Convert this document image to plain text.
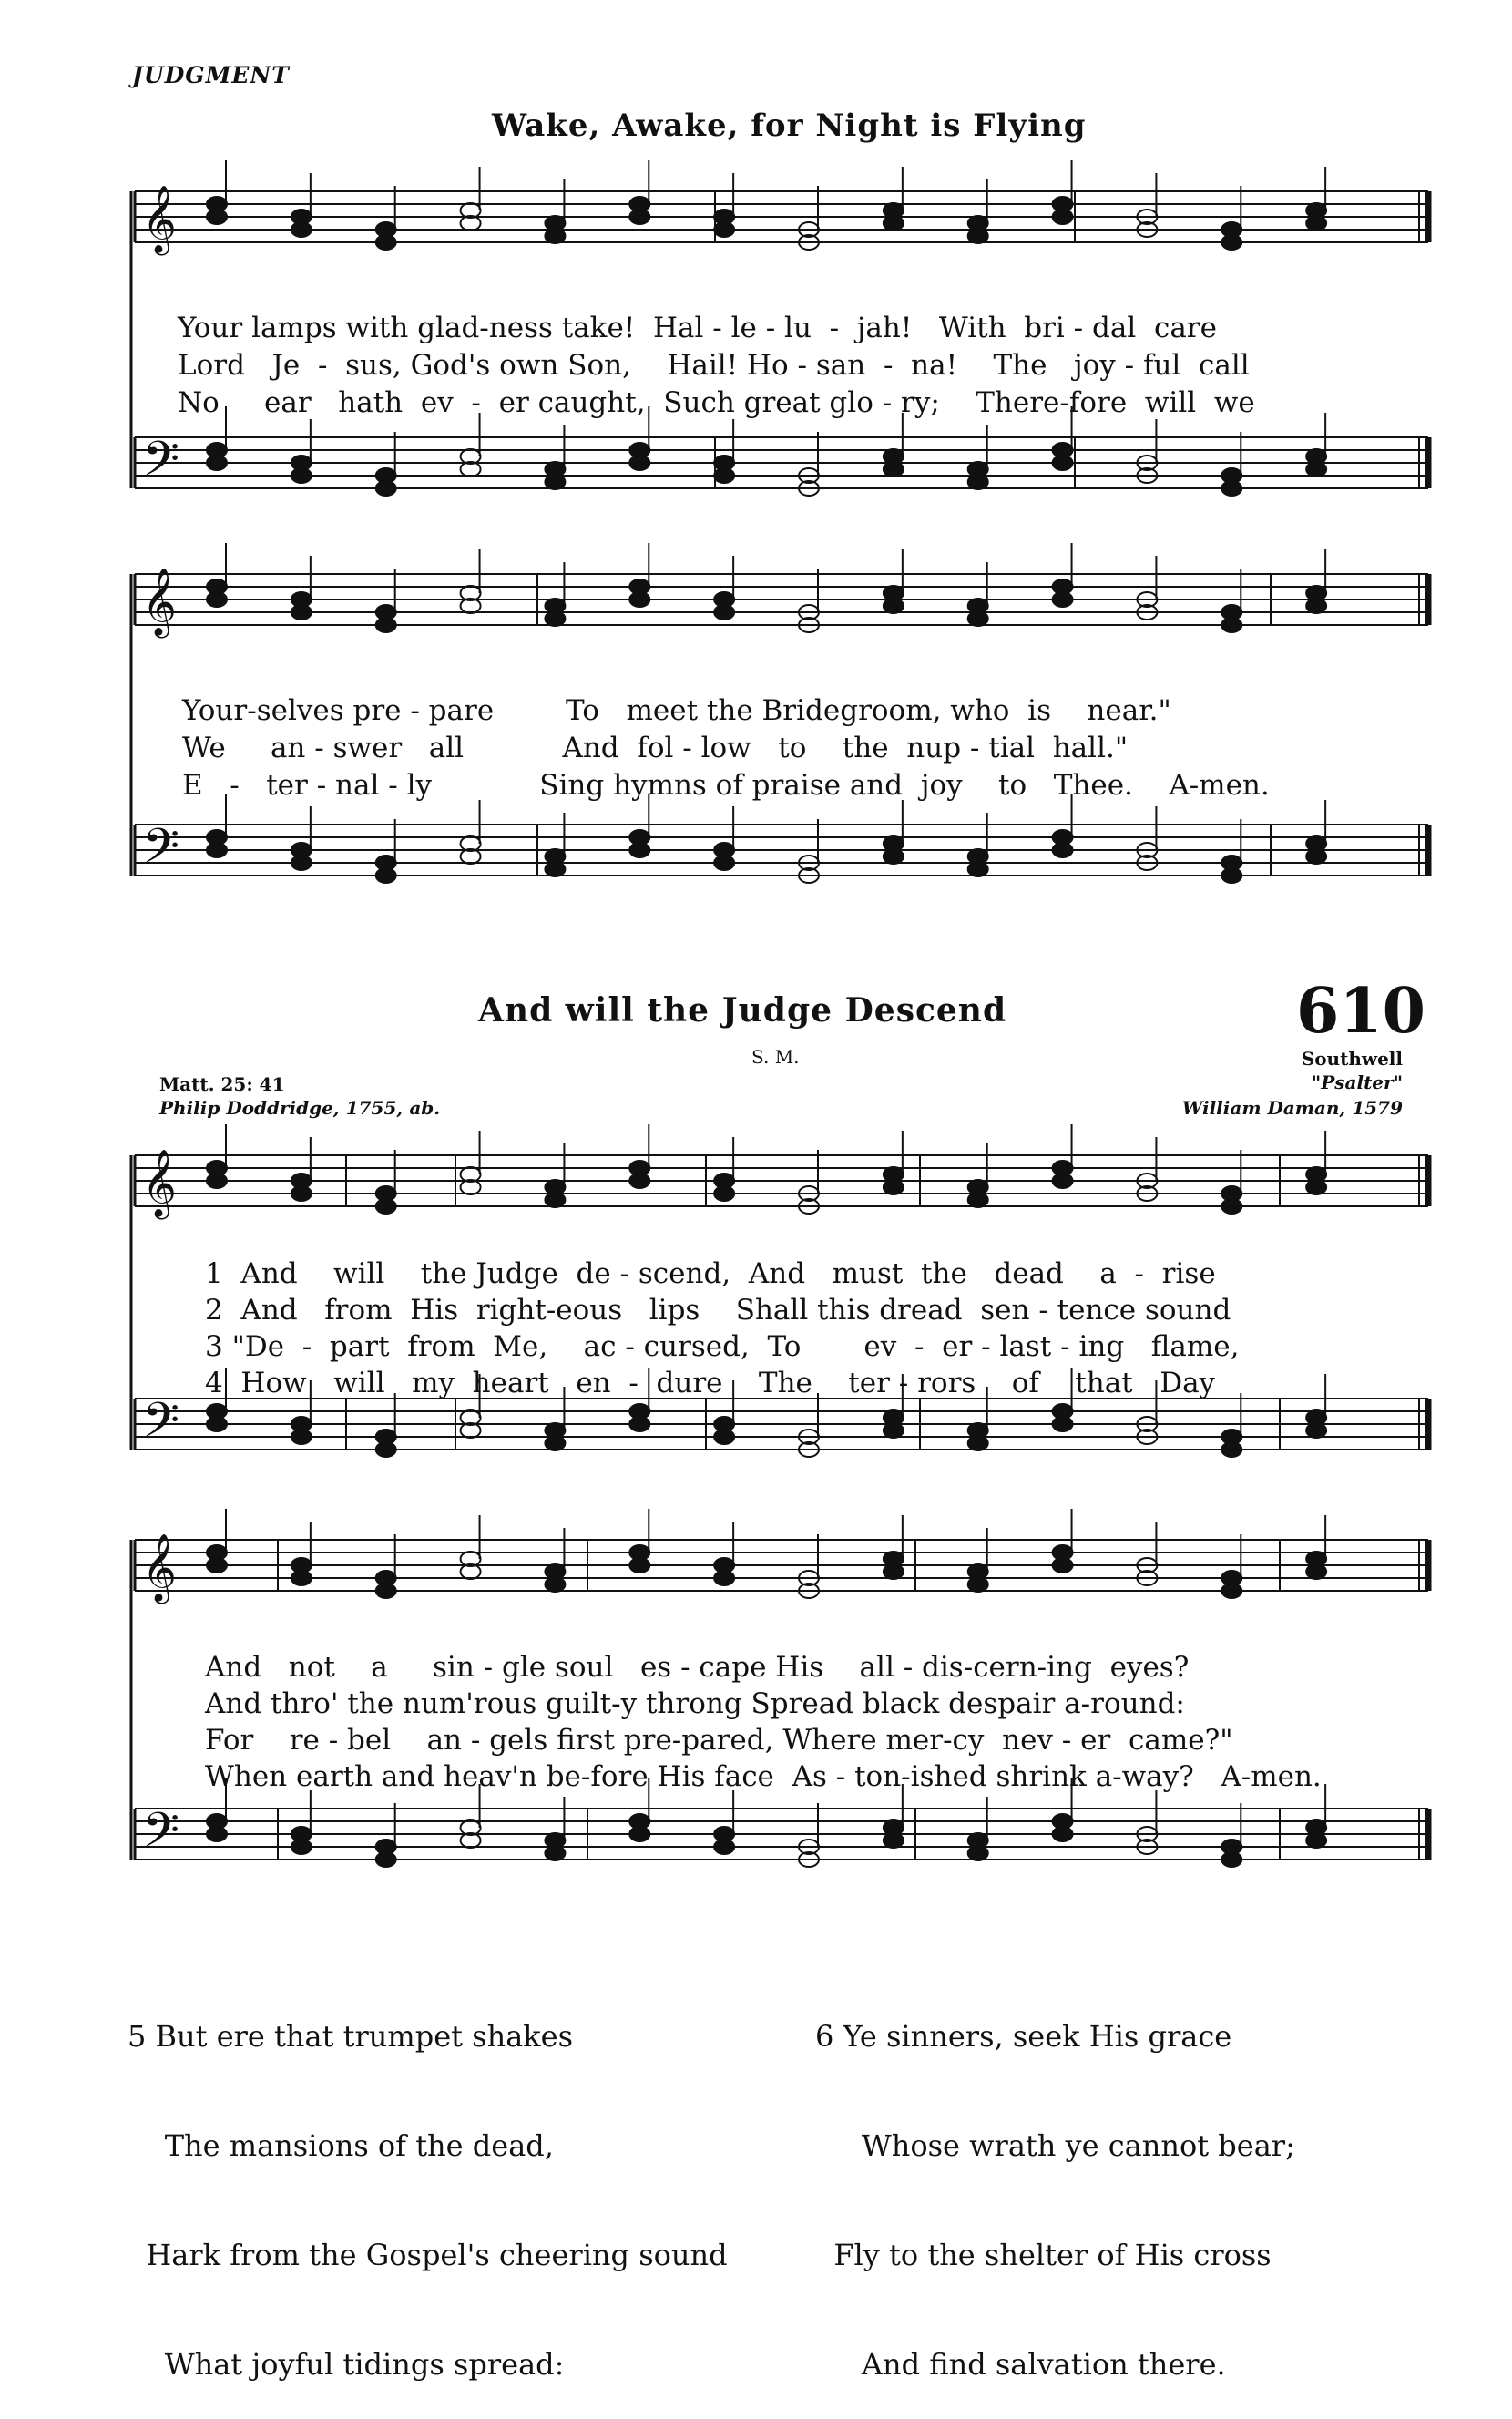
JUDGMENT
Wake, Awake, for Night is Flying
𝄞
𝄢
𝄞
𝄢
𝄞
𝄢
𝄞
𝄢
Your lamps with glad-ness take!  Hal - le - lu  -  jah!   With  bri - dal  care
Lord   Je  -  sus, God's own Son,    Hail! Ho - san  -  na!    The   joy - ful  call
No     ear   hath  ev  -  er caught,  Such great glo - ry;    There-fore  will  we
Your-selves pre - pare        To   meet the Bridegroom, who  is    near."
We     an - swer   all           And  fol - low   to    the  nup - tial  hall."
E   -   ter - nal - ly            Sing hymns of praise and  joy    to   Thee.    A-men.
And will the Judge Descend	610
S. M.	Southwell
"Psalter"
Matt. 25: 41
Philip Doddridge, 1755, ab.	William Daman, 1579
1  And    will    the Judge  de - scend,  And   must  the   dead    a  -  rise
2  And   from  His  right-eous   lips    Shall this dread  sen - tence sound
3 "De  -  part  from  Me,    ac - cursed,  To       ev  -  er - last - ing   flame,
4  How   will   my  heart   en  -  dure    The    ter - rors    of    that   Day
And   not    a     sin - gle soul   es - cape His    all - dis-cern-ing  eyes?
And thro' the num'rous guilt-y throng Spread black despair a-round:
For    re - bel    an - gels first pre-pared, Where mer-cy  nev - er  came?"
When earth and heav'n be-fore His face  As - ton-ished shrink a-way?   A-men.

5 But ere that trumpet shakes

The mansions of the dead,

Hark from the Gospel's cheering sound

What joyful tidings spread:

6 Ye sinners, seek His grace

Whose wrath ye cannot bear;

Fly to the shelter of His cross

And find salvation there.
